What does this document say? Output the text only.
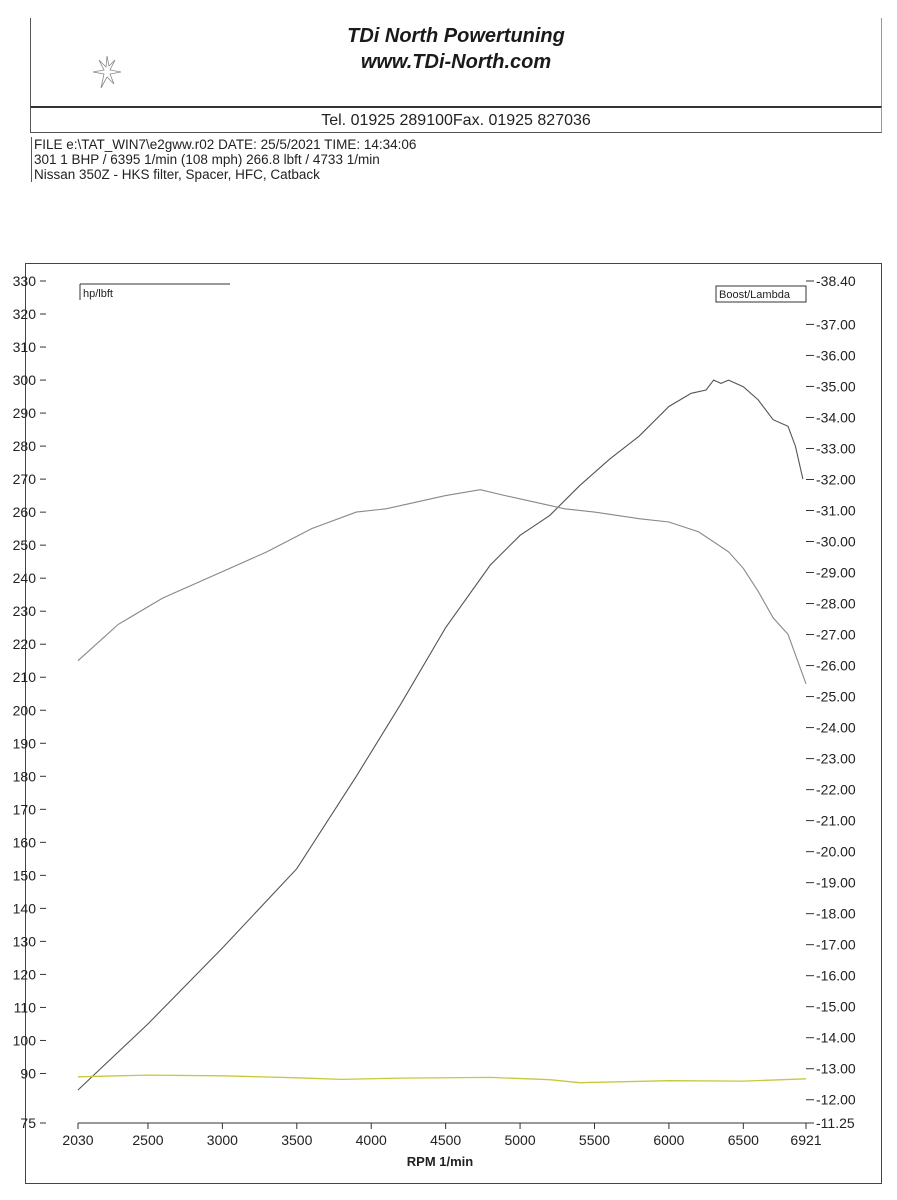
TDi North Powertuning
www.TDi-North.com
Tel. 01925 289100Fax. 01925 827036
FILE e:\TAT_WIN7\e2gww.r02 DATE: 25/5/2021 TIME: 14:34:06
301 1 BHP / 6395 1/min (108 mph) 266.8 lbft / 4733 1/min
Nissan 350Z - HKS filter, Spacer, HFC, Catback
hp/lbft	Boost/Lambda
75
90
100
110
120
130
140
150
160
170
180
190
200
210
220
230
240
250
260
270
280
290
300
310
320
330
-11.25
-12.00
-13.00
-14.00
-15.00
-16.00
-17.00
-18.00
-19.00
-20.00
-21.00
-22.00
-23.00
-24.00
-25.00
-26.00
-27.00
-28.00
-29.00
-30.00
-31.00
-32.00
-33.00
-34.00
-35.00
-36.00
-37.00
-38.40
2030	2500	3000	3500	4000	4500	5000	5500	6000	6500 6921
RPM 1/min
